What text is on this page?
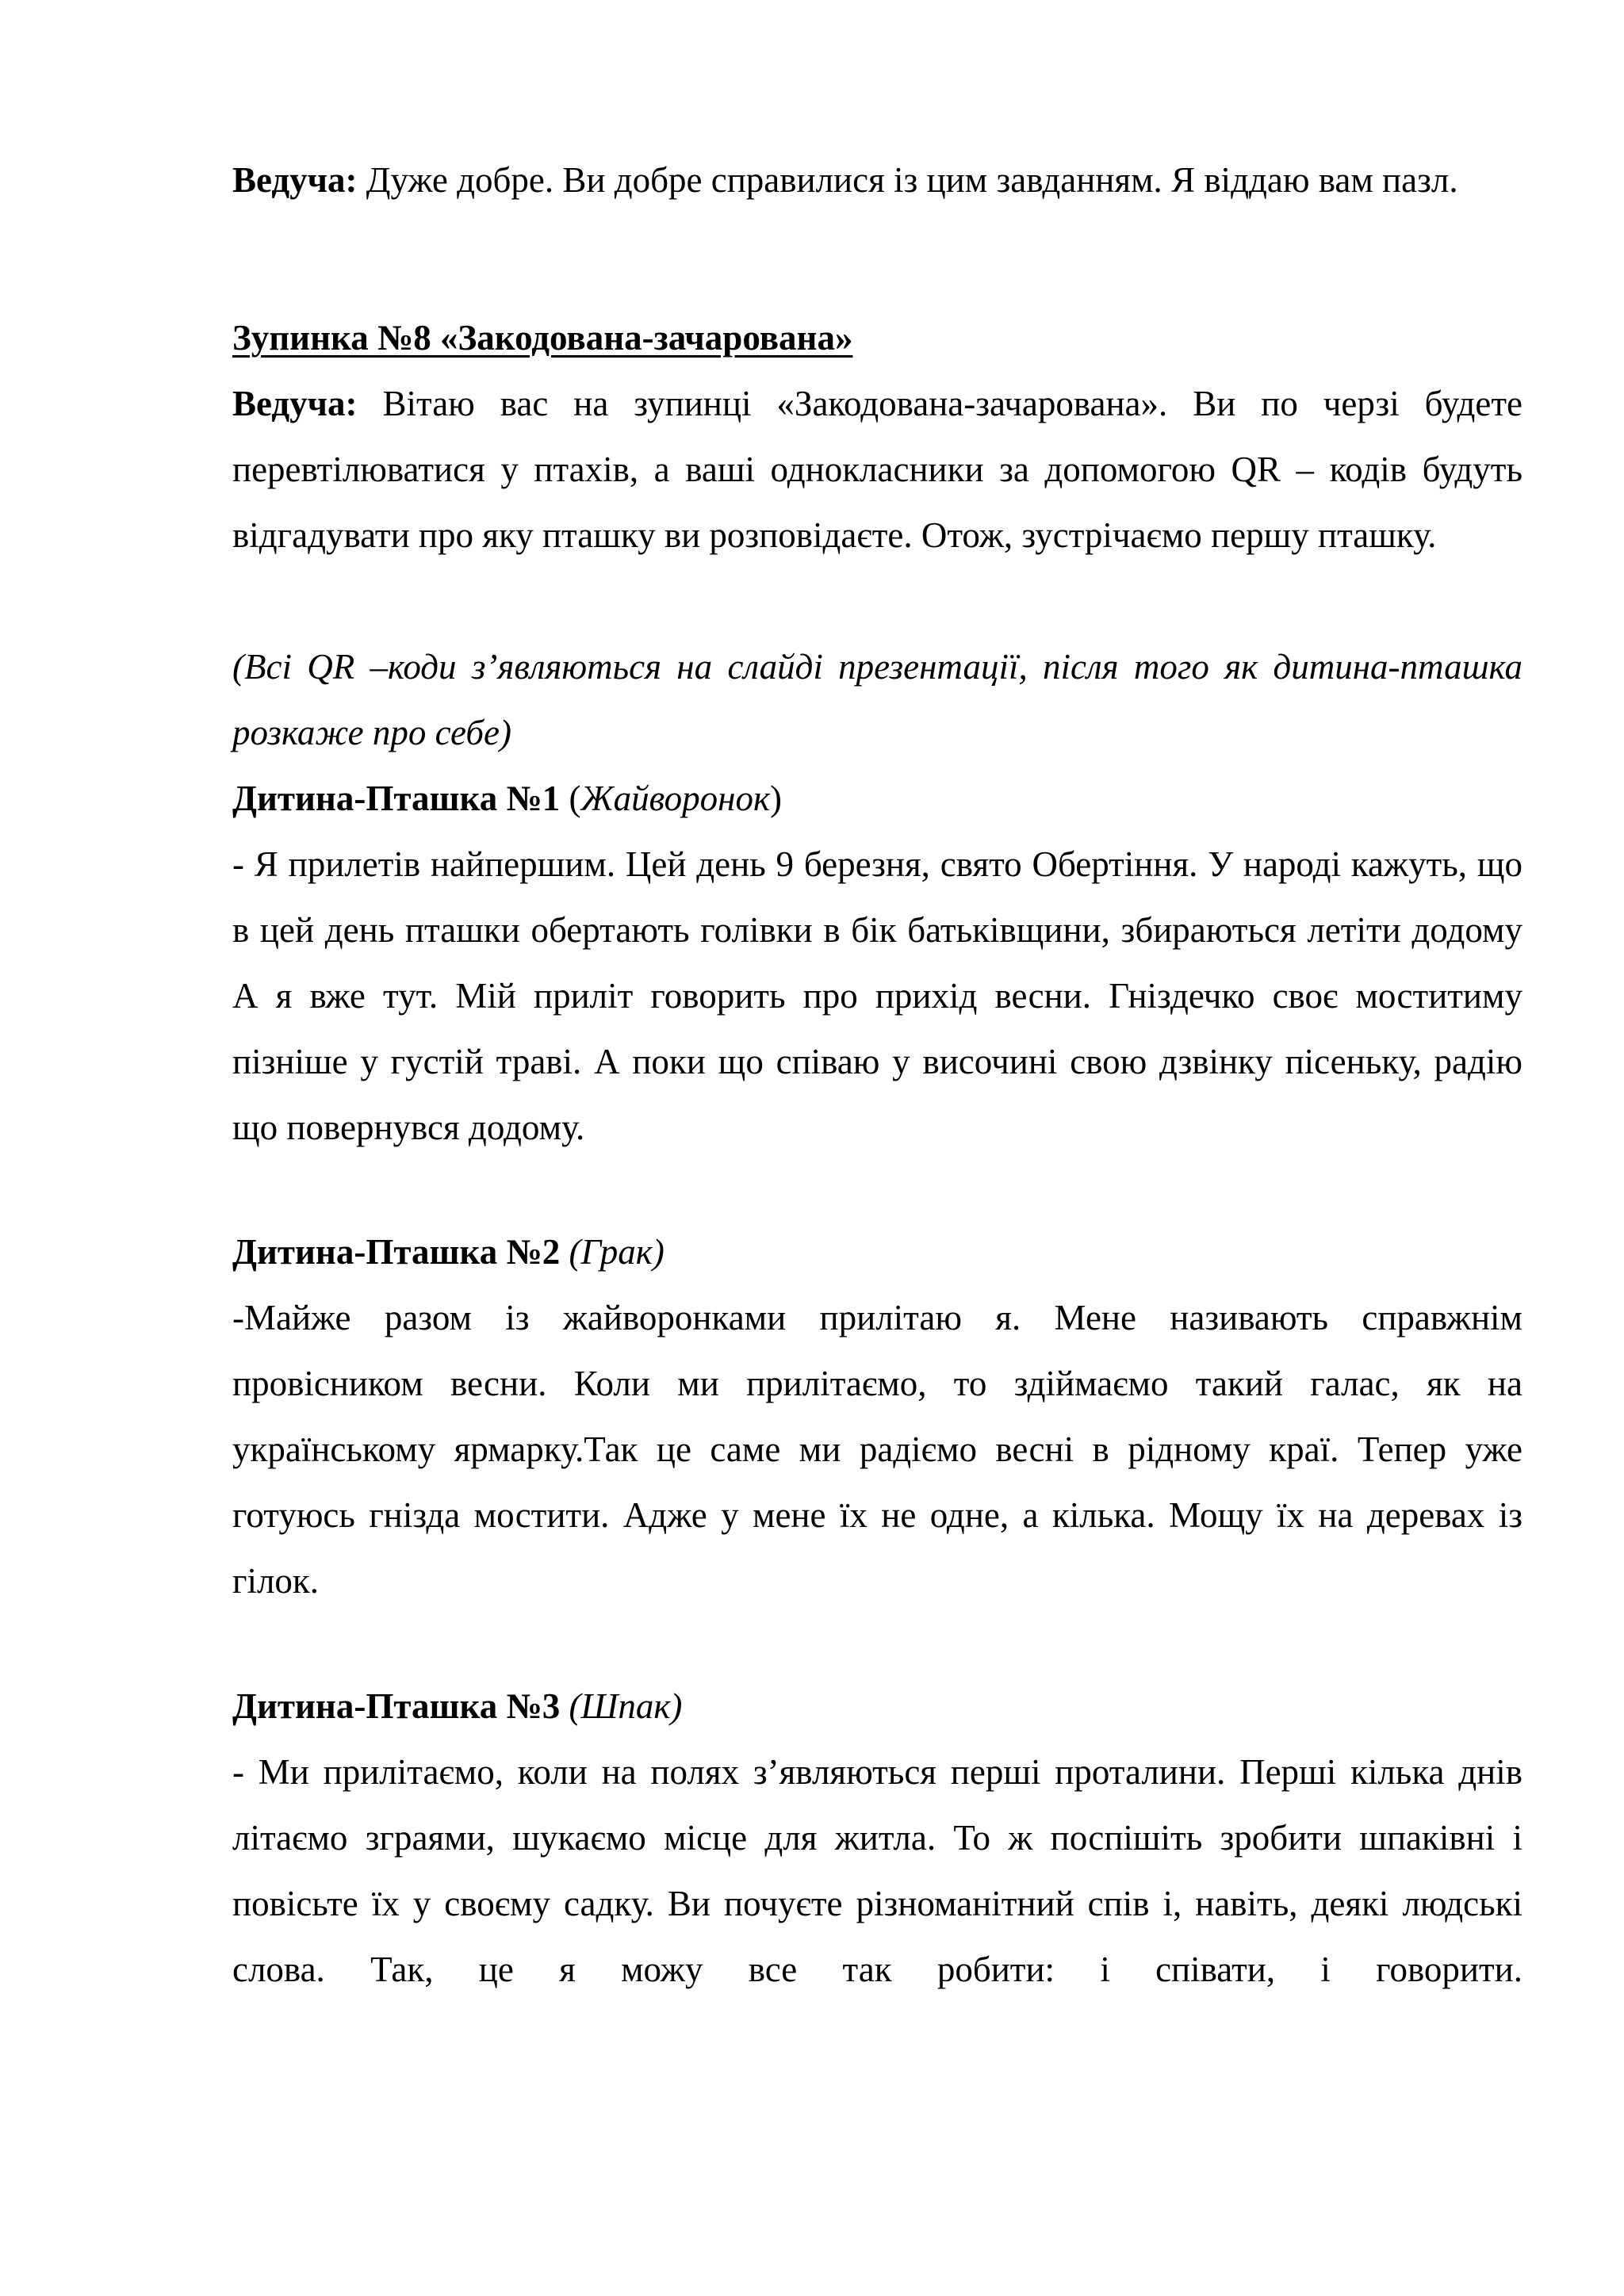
Ведуча: Дуже добре. Ви добре справилися із цим завданням. Я віддаю вам пазл.

Зупинка №8 «Закодована-зачарована»

Ведуча: Вітаю вас на зупинці «Закодована-зачарована». Ви по черзі будете перевтілюватися у птахів, а ваші однокласники за допомогою QR – кодів будуть відгадувати про яку пташку ви розповідаєте. Отож, зустрічаємо першу пташку.

(Всі QR –коди з’являються на слайді презентації, після того як дитина-пташка розкаже про себе)

Дитина-Пташка №1 (Жайворонок)

- Я прилетів найпершим. Цей день 9 березня, свято Обертіння. У народі кажуть, що в цей день пташки обертають голівки в бік батьківщини, збираються летіти додому А я вже тут. Мій приліт говорить про прихід весни. Гніздечко своє моститиму пізніше у густій траві. А поки що співаю у височині свою дзвінку пісеньку, радію що повернувся додому.

Дитина-Пташка №2 (Грак)

-Майже разом із жайворонками прилітаю я. Мене називають справжнім провісником весни. Коли ми прилітаємо, то здіймаємо такий галас, як на українському ярмарку.Так це саме ми радіємо весні в рідному краї. Тепер уже готуюсь гнізда мостити. Адже у мене їх не одне, а кілька. Мощу їх на деревах із гілок.

Дитина-Пташка №3 (Шпак)

- Ми прилітаємо, коли на полях з’являються перші проталини. Перші кілька днів літаємо зграями, шукаємо місце для житла. То ж поспішіть зробити шпаківні і повісьте їх у своєму садку. Ви почуєте різноманітний спів і, навіть, деякі людські слова. Так, це я можу все так робити: і співати, і говорити.
